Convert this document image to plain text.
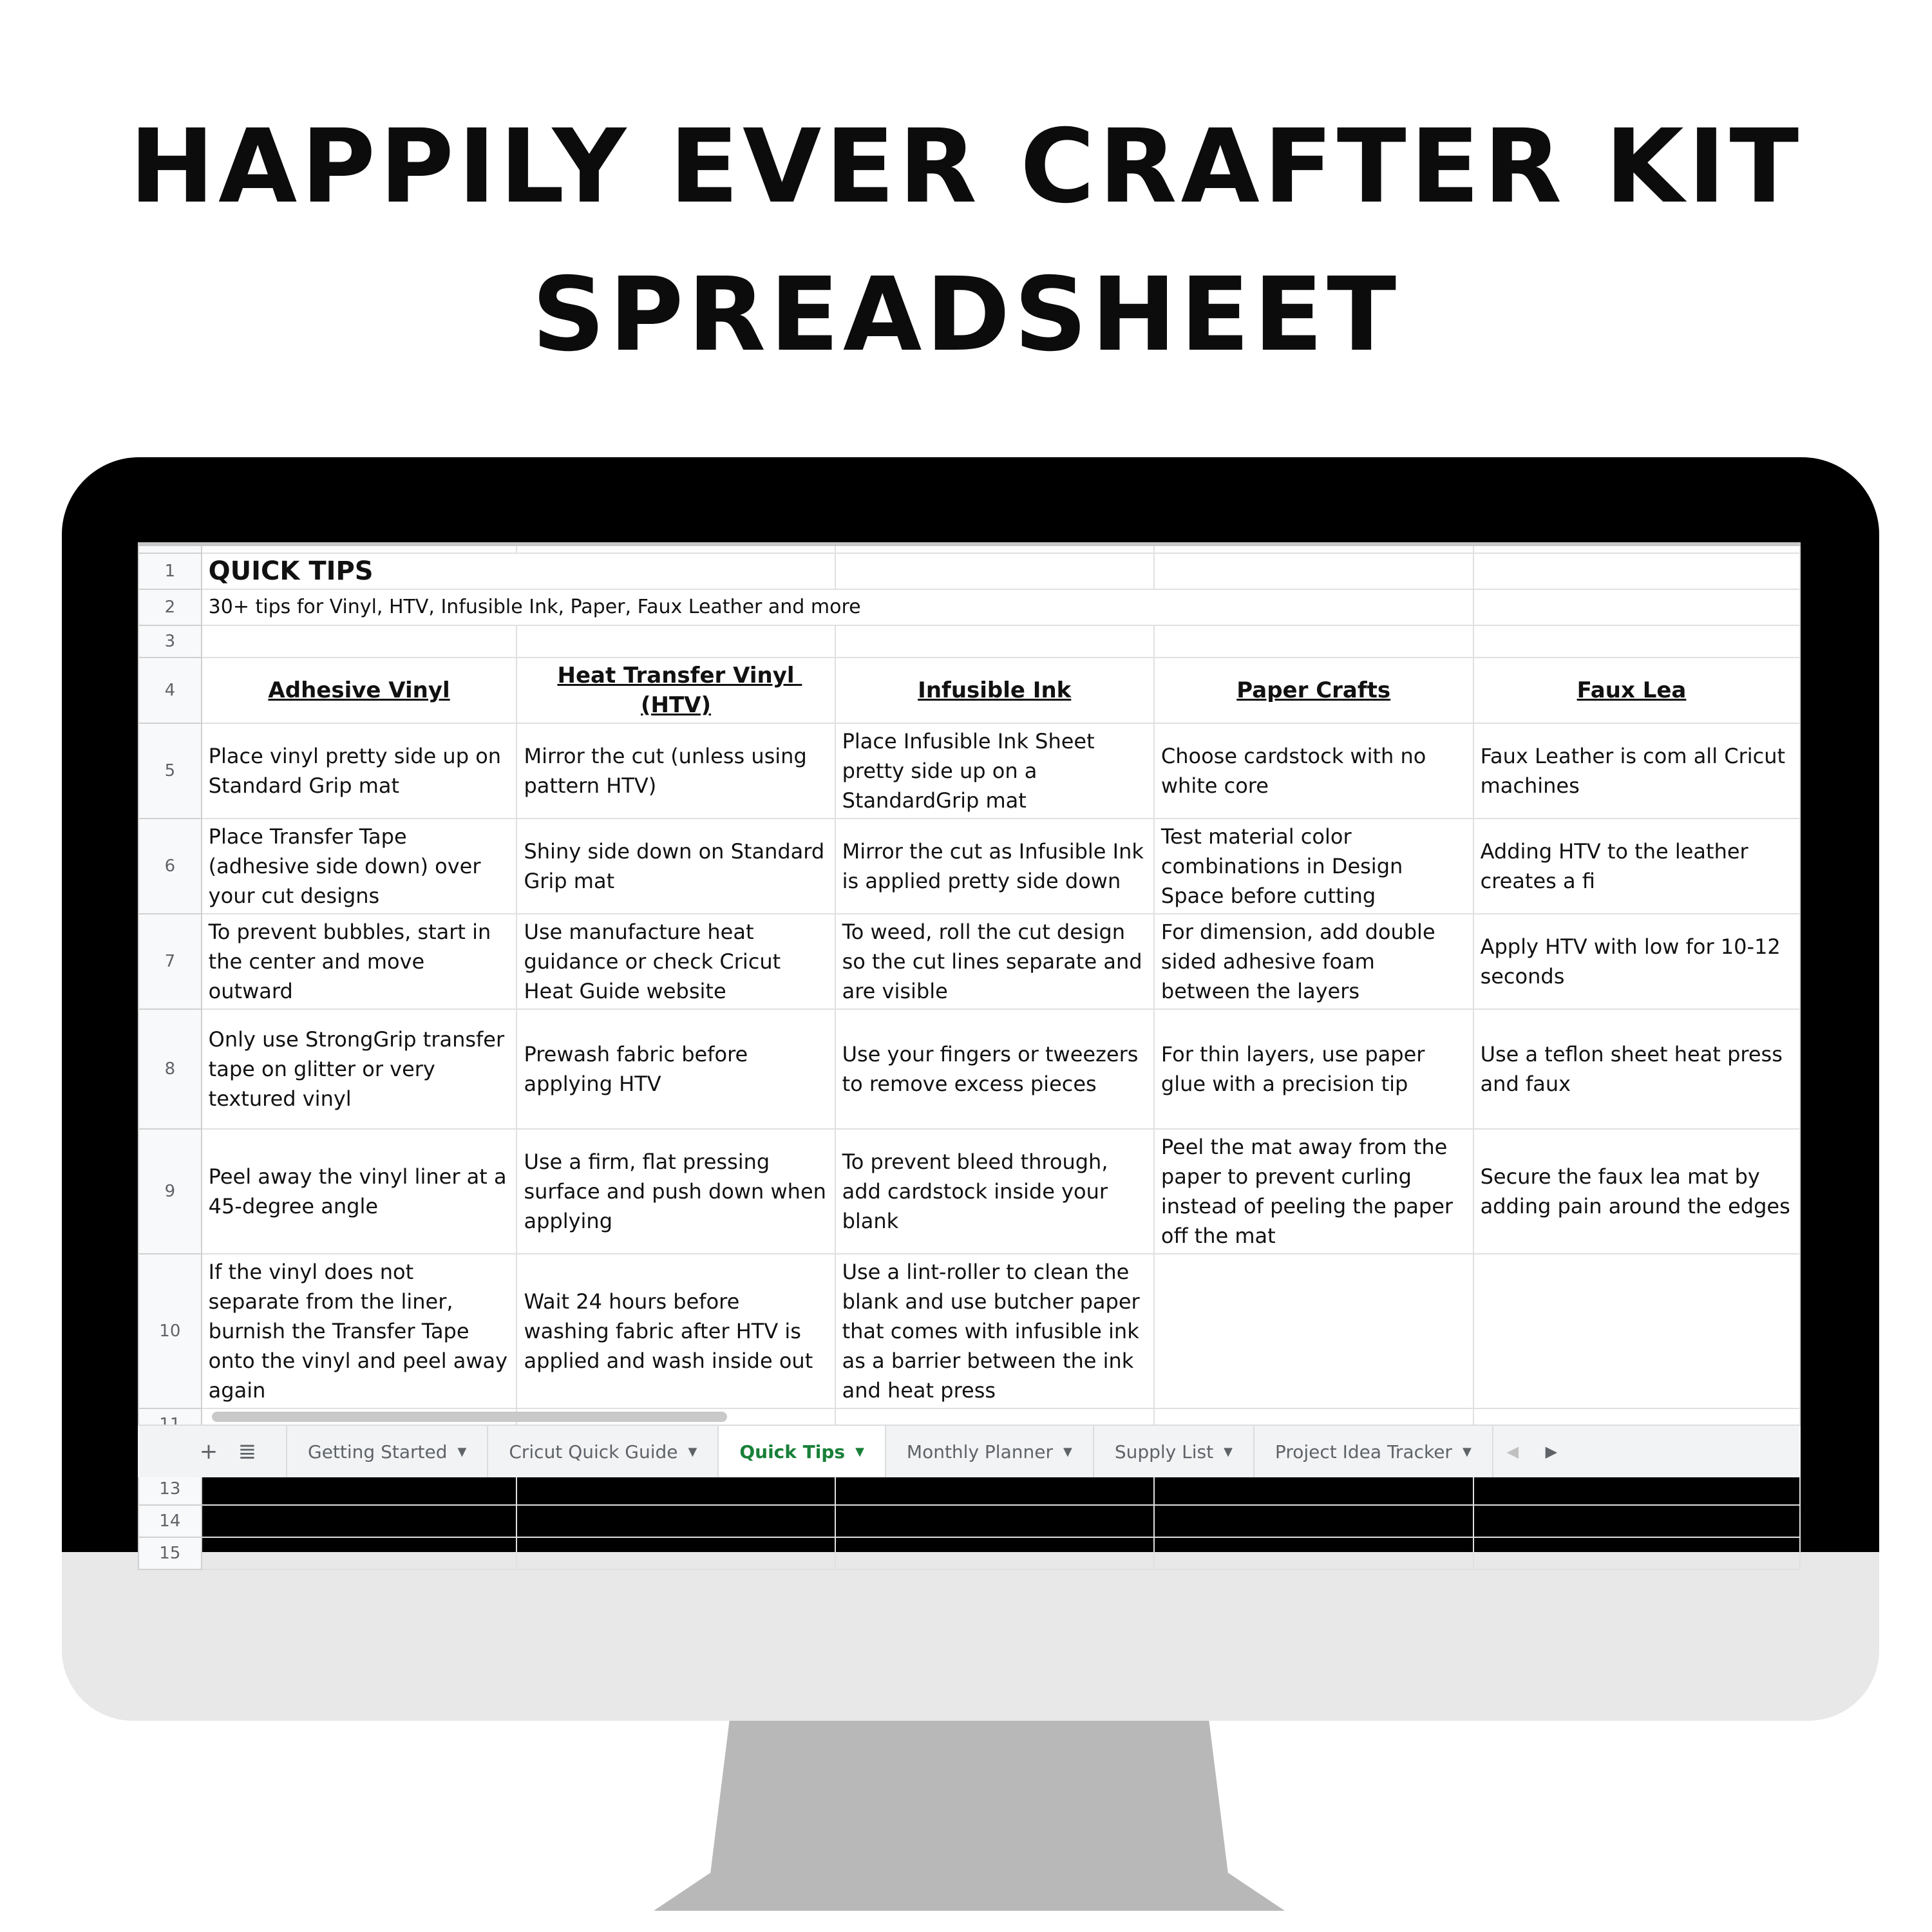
HAPPILY EVER CRAFTER KIT
SPREADSHEET

1	QUICK TIPS				
2	30+ tips for Vinyl, HTV, Infusible Ink, Paper, Faux Leather and more				
3					
4	Adhesive Vinyl	Heat Transfer Vinyl (HTV)	Infusible Ink	Paper Crafts	Faux Lea
5	Place vinyl pretty side up on Standard Grip mat	Mirror the cut (unless using pattern HTV)	Place Infusible Ink Sheet pretty side up on a StandardGrip mat	Choose cardstock with no white core	Faux Leather is com all Cricut machines
6	Place Transfer Tape (adhesive side down) over your cut designs	Shiny side down on Standard Grip mat	Mirror the cut as Infusible Ink is applied pretty side down	Test material color combinations in Design Space before cutting	Adding HTV to the leather creates a fi
7	To prevent bubbles, start in the center and move outward	Use manufacture heat guidance or check Cricut Heat Guide website	To weed, roll the cut design so the cut lines separate and are visible	For dimension, add double sided adhesive foam between the layers	Apply HTV with low for 10-12 seconds
8	Only use StrongGrip transfer tape on glitter or very textured vinyl	Prewash fabric before applying HTV	Use your fingers or tweezers to remove excess pieces	For thin layers, use paper glue with a precision tip	Use a teflon sheet heat press and faux
9	Peel away the vinyl liner at a 45-degree angle	Use a firm, flat pressing surface and push down when applying	To prevent bleed through, add cardstock inside your blank	Peel the mat away from the paper to prevent curling instead of peeling the paper off the mat	Secure the faux lea mat by adding pain around the edges
10	If the vinyl does not separate from the liner, burnish the Transfer Tape onto the vinyl and peel away again	Wait 24 hours before washing fabric after HTV is applied and wash inside out	Use a lint-roller to clean the blank and use butcher paper that comes with infusible ink as a barrier between the ink and heat press		

13					
14					
15					
+ ≣	Getting Started ▼ Cricut Quick Guide ▼ Quick Tips ▼ Monthly Planner ▼ Supply List ▼ Project Idea Tracker ▼	◀	▶
